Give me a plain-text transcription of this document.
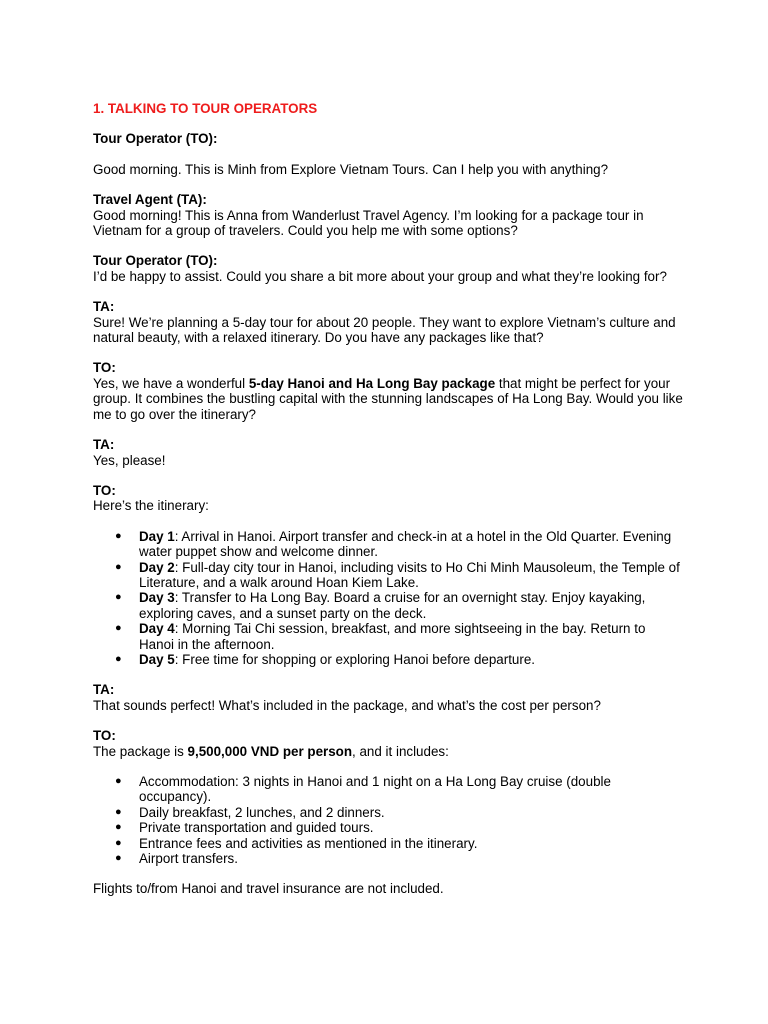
1. TALKING TO TOUR OPERATORS

Tour Operator (TO):

Good morning. This is Minh from Explore Vietnam Tours. Can I help you with anything?

Travel Agent (TA):

Good morning! This is Anna from Wanderlust Travel Agency. I’m looking for a package tour in Vietnam for a group of travelers. Could you help me with some options?

Tour Operator (TO):

I’d be happy to assist. Could you share a bit more about your group and what they’re looking for?

TA:

Sure! We’re planning a 5-day tour for about 20 people. They want to explore Vietnam’s culture and natural beauty, with a relaxed itinerary. Do you have any packages like that?

TO:

Yes, we have a wonderful 5-day Hanoi and Ha Long Bay package that might be perfect for your group. It combines the bustling capital with the stunning landscapes of Ha Long Bay. Would you like me to go over the itinerary?

TA:

Yes, please!

TO:

Here’s the itinerary:

● Day 1: Arrival in Hanoi. Airport transfer and check-in at a hotel in the Old Quarter. Evening water puppet show and welcome dinner.
● Day 2: Full-day city tour in Hanoi, including visits to Ho Chi Minh Mausoleum, the Temple of Literature, and a walk around Hoan Kiem Lake.
● Day 3: Transfer to Ha Long Bay. Board a cruise for an overnight stay. Enjoy kayaking, exploring caves, and a sunset party on the deck.
● Day 4: Morning Tai Chi session, breakfast, and more sightseeing in the bay. Return to Hanoi in the afternoon.
● Day 5: Free time for shopping or exploring Hanoi before departure.

TA:

That sounds perfect! What’s included in the package, and what’s the cost per person?

TO:

The package is 9,500,000 VND per person, and it includes:

● Accommodation: 3 nights in Hanoi and 1 night on a Ha Long Bay cruise (double occupancy).
● Daily breakfast, 2 lunches, and 2 dinners.
● Private transportation and guided tours.
● Entrance fees and activities as mentioned in the itinerary.
● Airport transfers.

Flights to/from Hanoi and travel insurance are not included.
